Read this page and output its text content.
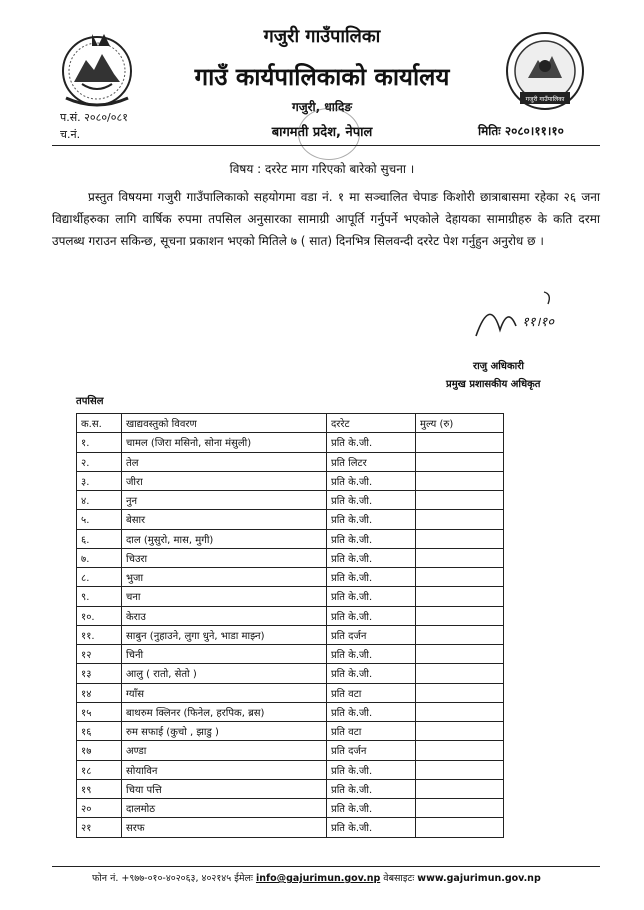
गजुरी गाउँपालिका
गजुरी गाउँपालिका
गाउँ कार्यपालिकाको कार्यालय
गजुरी, धादिङ
बागमती प्रदेश, नेपाल
प.सं. २०८०/०८१
च.नं.	मितिः २०८०।११।१०
विषय : दररेट माग गरिएको बारेको सुचना ।
प्रस्तुत विषयमा गजुरी गाउँपालिकाको सहयोगमा वडा नं. १ मा सञ्चालित चेपाङ किशोरी छात्राबासमा रहेका २६ जना विद्यार्थीहरुका लागि वार्षिक रुपमा तपसिल अनुसारका सामाग्री आपूर्ति गर्नुपर्ने भएकोले देहायका सामाग्रीहरु के कति दरमा उपलब्ध गराउन सकिन्छ, सूचना प्रकाशन भएको मितिले ७ ( सात) दिनभित्र सिलवन्दी दररेट पेश गर्नुहुन अनुरोध छ ।
११।१०
राजु अधिकारी
प्रमुख प्रशासकीय अधिकृत
तपसिल
क.स.	खाद्यवस्तुको विवरण	दररेट	मुल्य (रु)
१.	चामल (जिरा मसिनो, सोना मंसुली)	प्रति के.जी.	
२.	तेल	प्रति लिटर	
३.	जीरा	प्रति के.जी.	
४.	नुन	प्रति के.जी.	
५.	बेसार	प्रति के.जी.	
६.	दाल (मुसुरो, मास, मुगी)	प्रति के.जी.	
७.	चिउरा	प्रति के.जी.	
८.	भुजा	प्रति के.जी.	
९.	चना	प्रति के.जी.	
१०.	केराउ	प्रति के.जी.	
११.	साबुन (नुहाउने, लुगा धुने, भाडा माझ्न)	प्रति दर्जन	
१२	चिनी	प्रति के.जी.	
१३	आलु ( रातो, सेतो )	प्रति के.जी.	
१४	ग्याँस	प्रति वटा	
१५	बाथरुम क्लिनर (फिनेल, हरपिक, ब्रस)	प्रति के.जी.	
१६	रुम सफाई (कुचो , झाडु )	प्रति वटा	
१७	अण्डा	प्रति दर्जन	
१८	सोयाविन	प्रति के.जी.	
१९	चिया पत्ति	प्रति के.जी.	
२०	दालमोठ	प्रति के.जी.	
२१	सरफ	प्रति के.जी.	
फोन नं. +९७७-०१०-४०२०६३, ४०२१४५ ईमेलः info@gajurimun.gov.np वेबसाइटः www.gajurimun.gov.np
